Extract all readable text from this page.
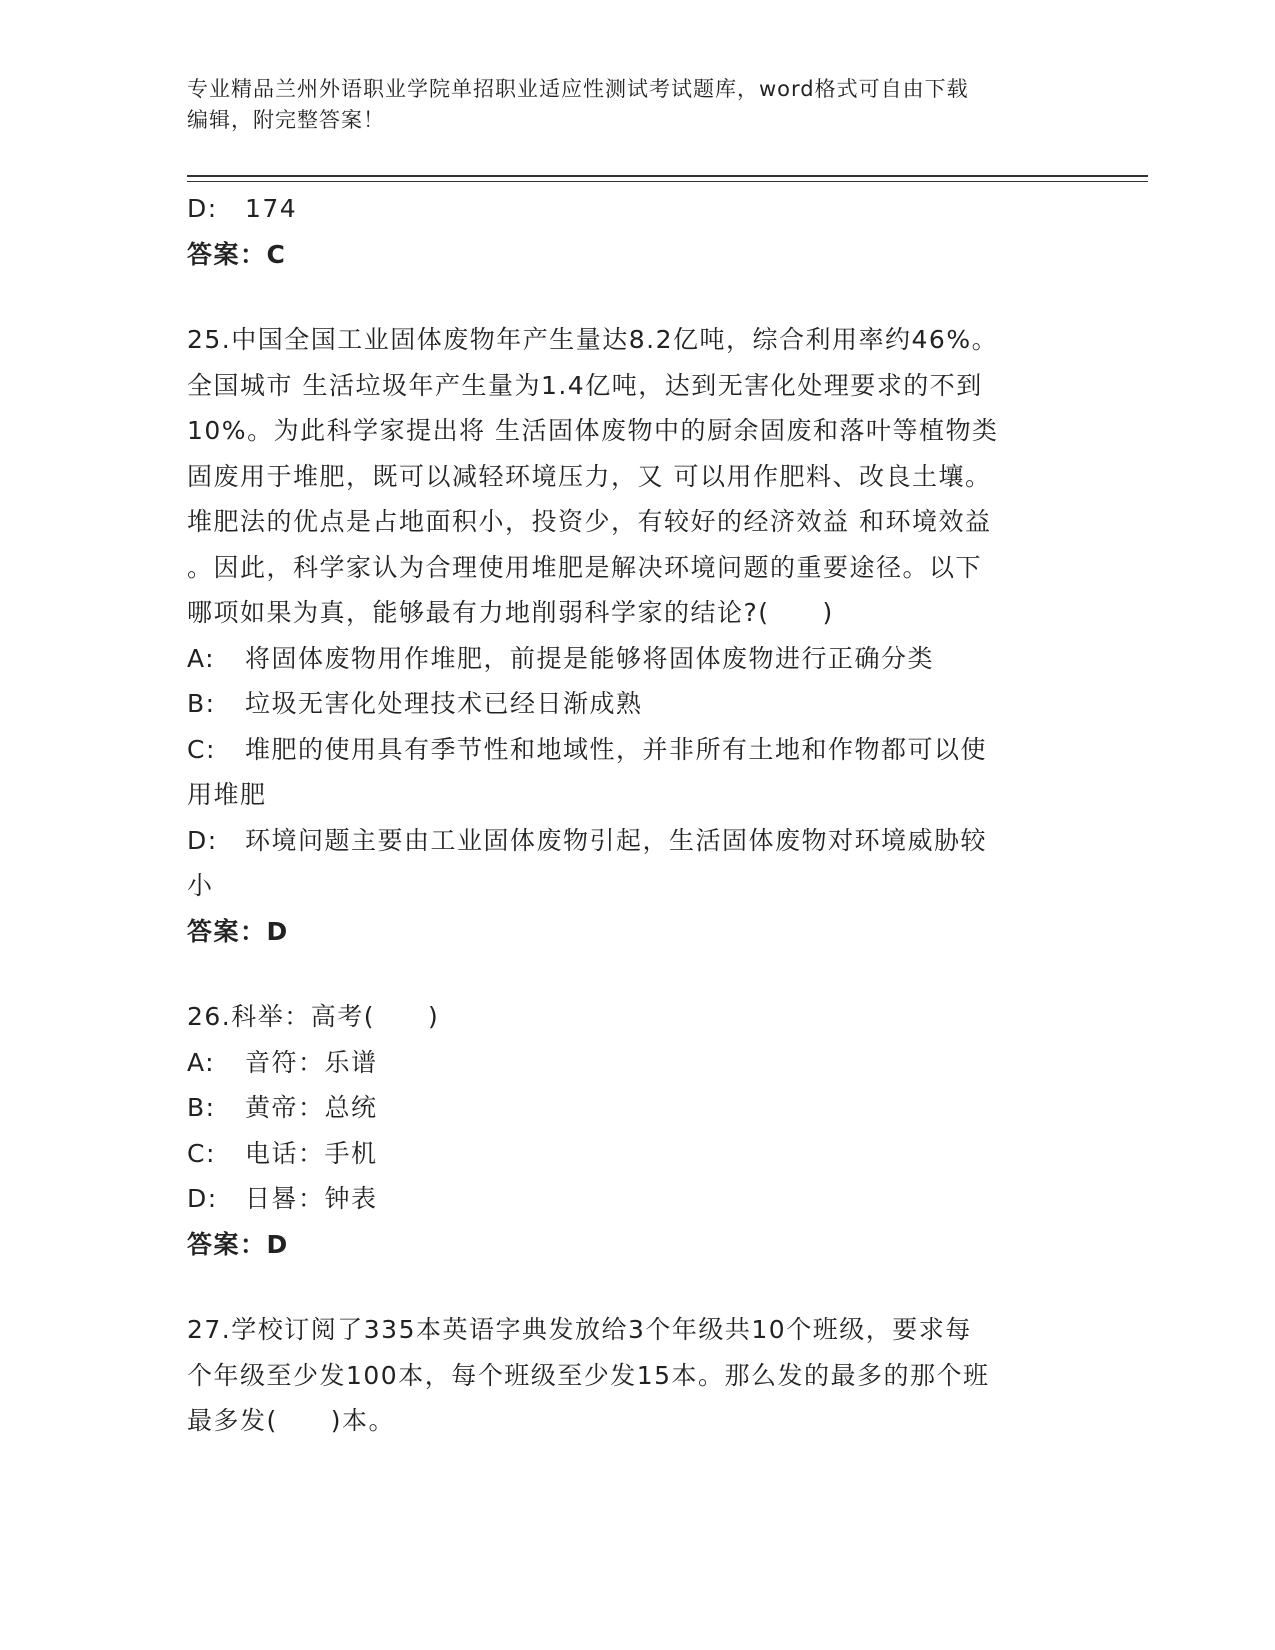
专业精品兰州外语职业学院单招职业适应性测试考试题库，word格式可自由下载
编辑，附完整答案！
D: 174
答案：C
25.中国全国工业固体废物年产生量达8.2亿吨，综合利用率约46%。
全国城市 生活垃圾年产生量为1.4亿吨，达到无害化处理要求的不到
10%。为此科学家提出将 生活固体废物中的厨余固废和落叶等植物类
固废用于堆肥，既可以减轻环境压力，又 可以用作肥料、改良土壤。
堆肥法的优点是占地面积小，投资少，有较好的经济效益 和环境效益
。因此，科学家认为合理使用堆肥是解决环境问题的重要途径。以下
哪项如果为真，能够最有力地削弱科学家的结论?(　　)
A: 将固体废物用作堆肥，前提是能够将固体废物进行正确分类
B: 垃圾无害化处理技术已经日渐成熟
C: 堆肥的使用具有季节性和地域性，并非所有土地和作物都可以使
用堆肥
D: 环境问题主要由工业固体废物引起，生活固体废物对环境威胁较
小
答案：D
26.科举：高考(　　)
A: 音符：乐谱
B: 黄帝：总统
C: 电话：手机
D: 日晷：钟表
答案：D
27.学校订阅了335本英语字典发放给3个年级共10个班级，要求每
个年级至少发100本，每个班级至少发15本。那么发的最多的那个班
最多发(　　)本。
